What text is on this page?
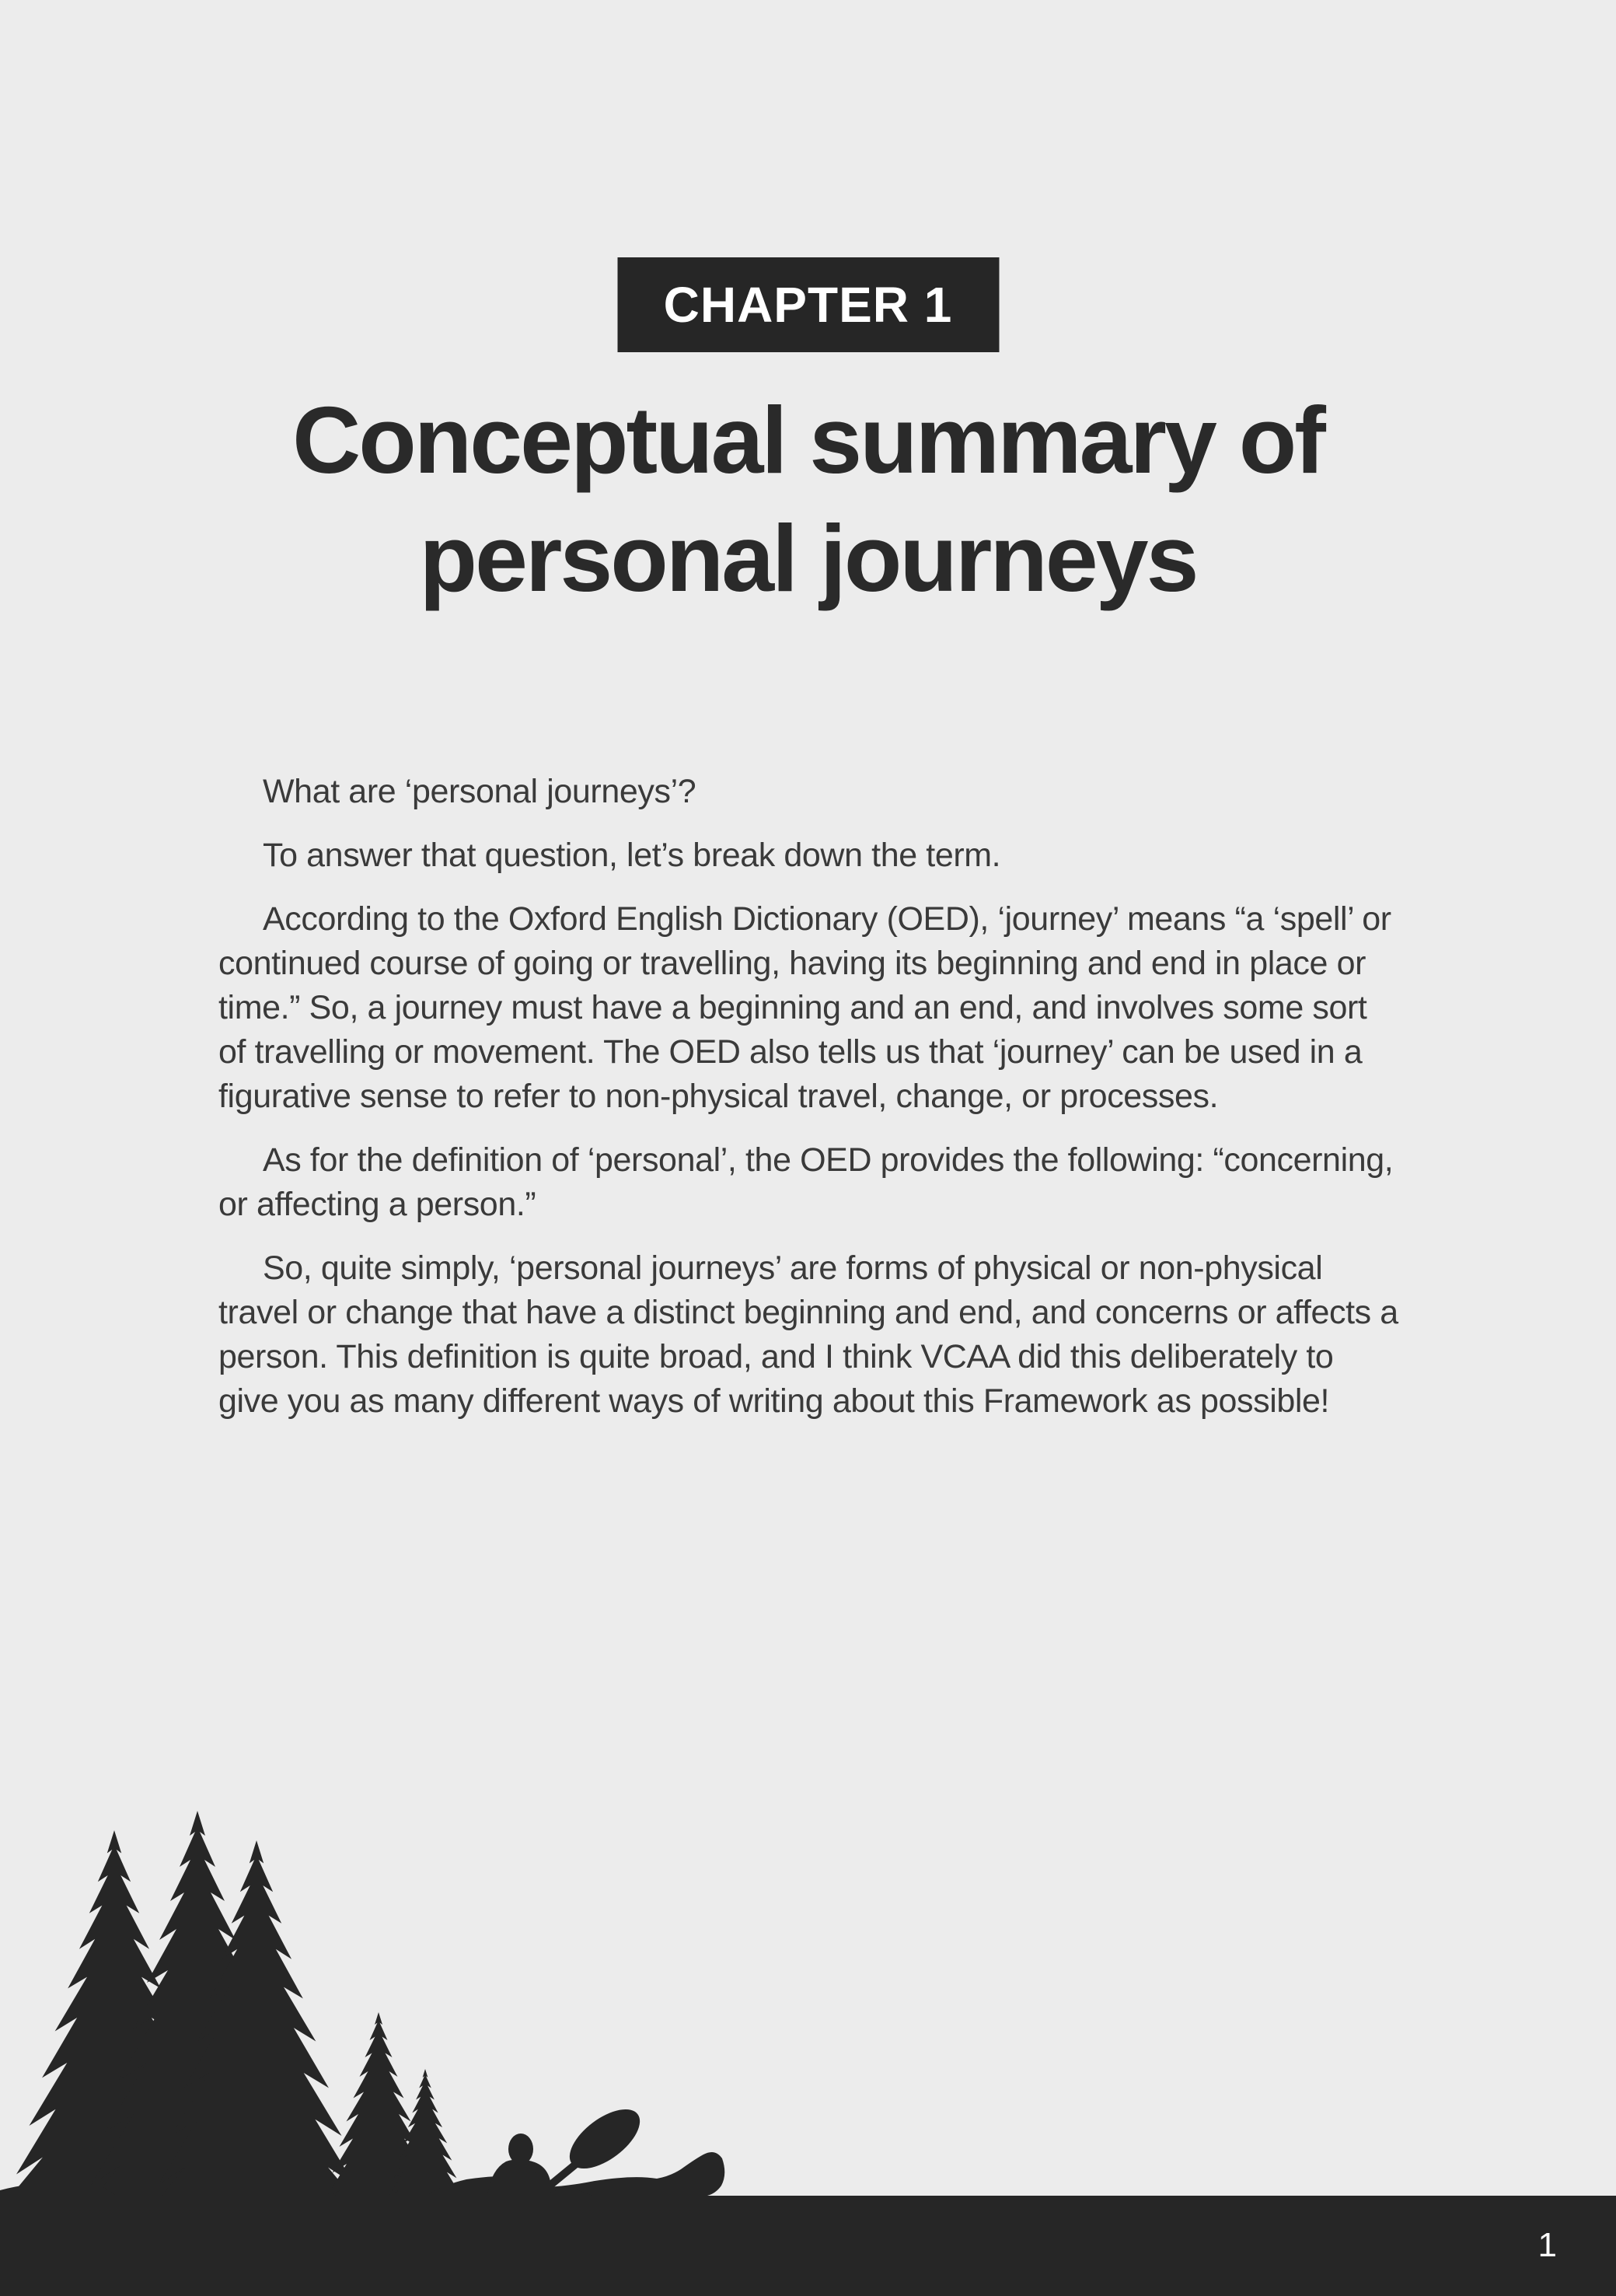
CHAPTER 1
Conceptual summary of
personal journeys

What are ‘personal journeys’?

To answer that question, let’s break down the term.

According to the Oxford English Dictionary (OED), ‘journey’ means “a ‘spell’ or continued course of going or travelling, having its beginning and end in place or time.” So, a journey must have a beginning and an end, and involves some sort of travelling or movement. The OED also tells us that ‘journey’ can be used in a figurative sense to refer to non-physical travel, change, or processes.

As for the definition of ‘personal’, the OED provides the following: “concerning, or affecting a person.”

So, quite simply, ‘personal journeys’ are forms of physical or non-physical travel or change that have a distinct beginning and end, and concerns or affects a person. This definition is quite broad, and I think VCAA did this deliberately to give you as many different ways of writing about this Framework as possible!

1
